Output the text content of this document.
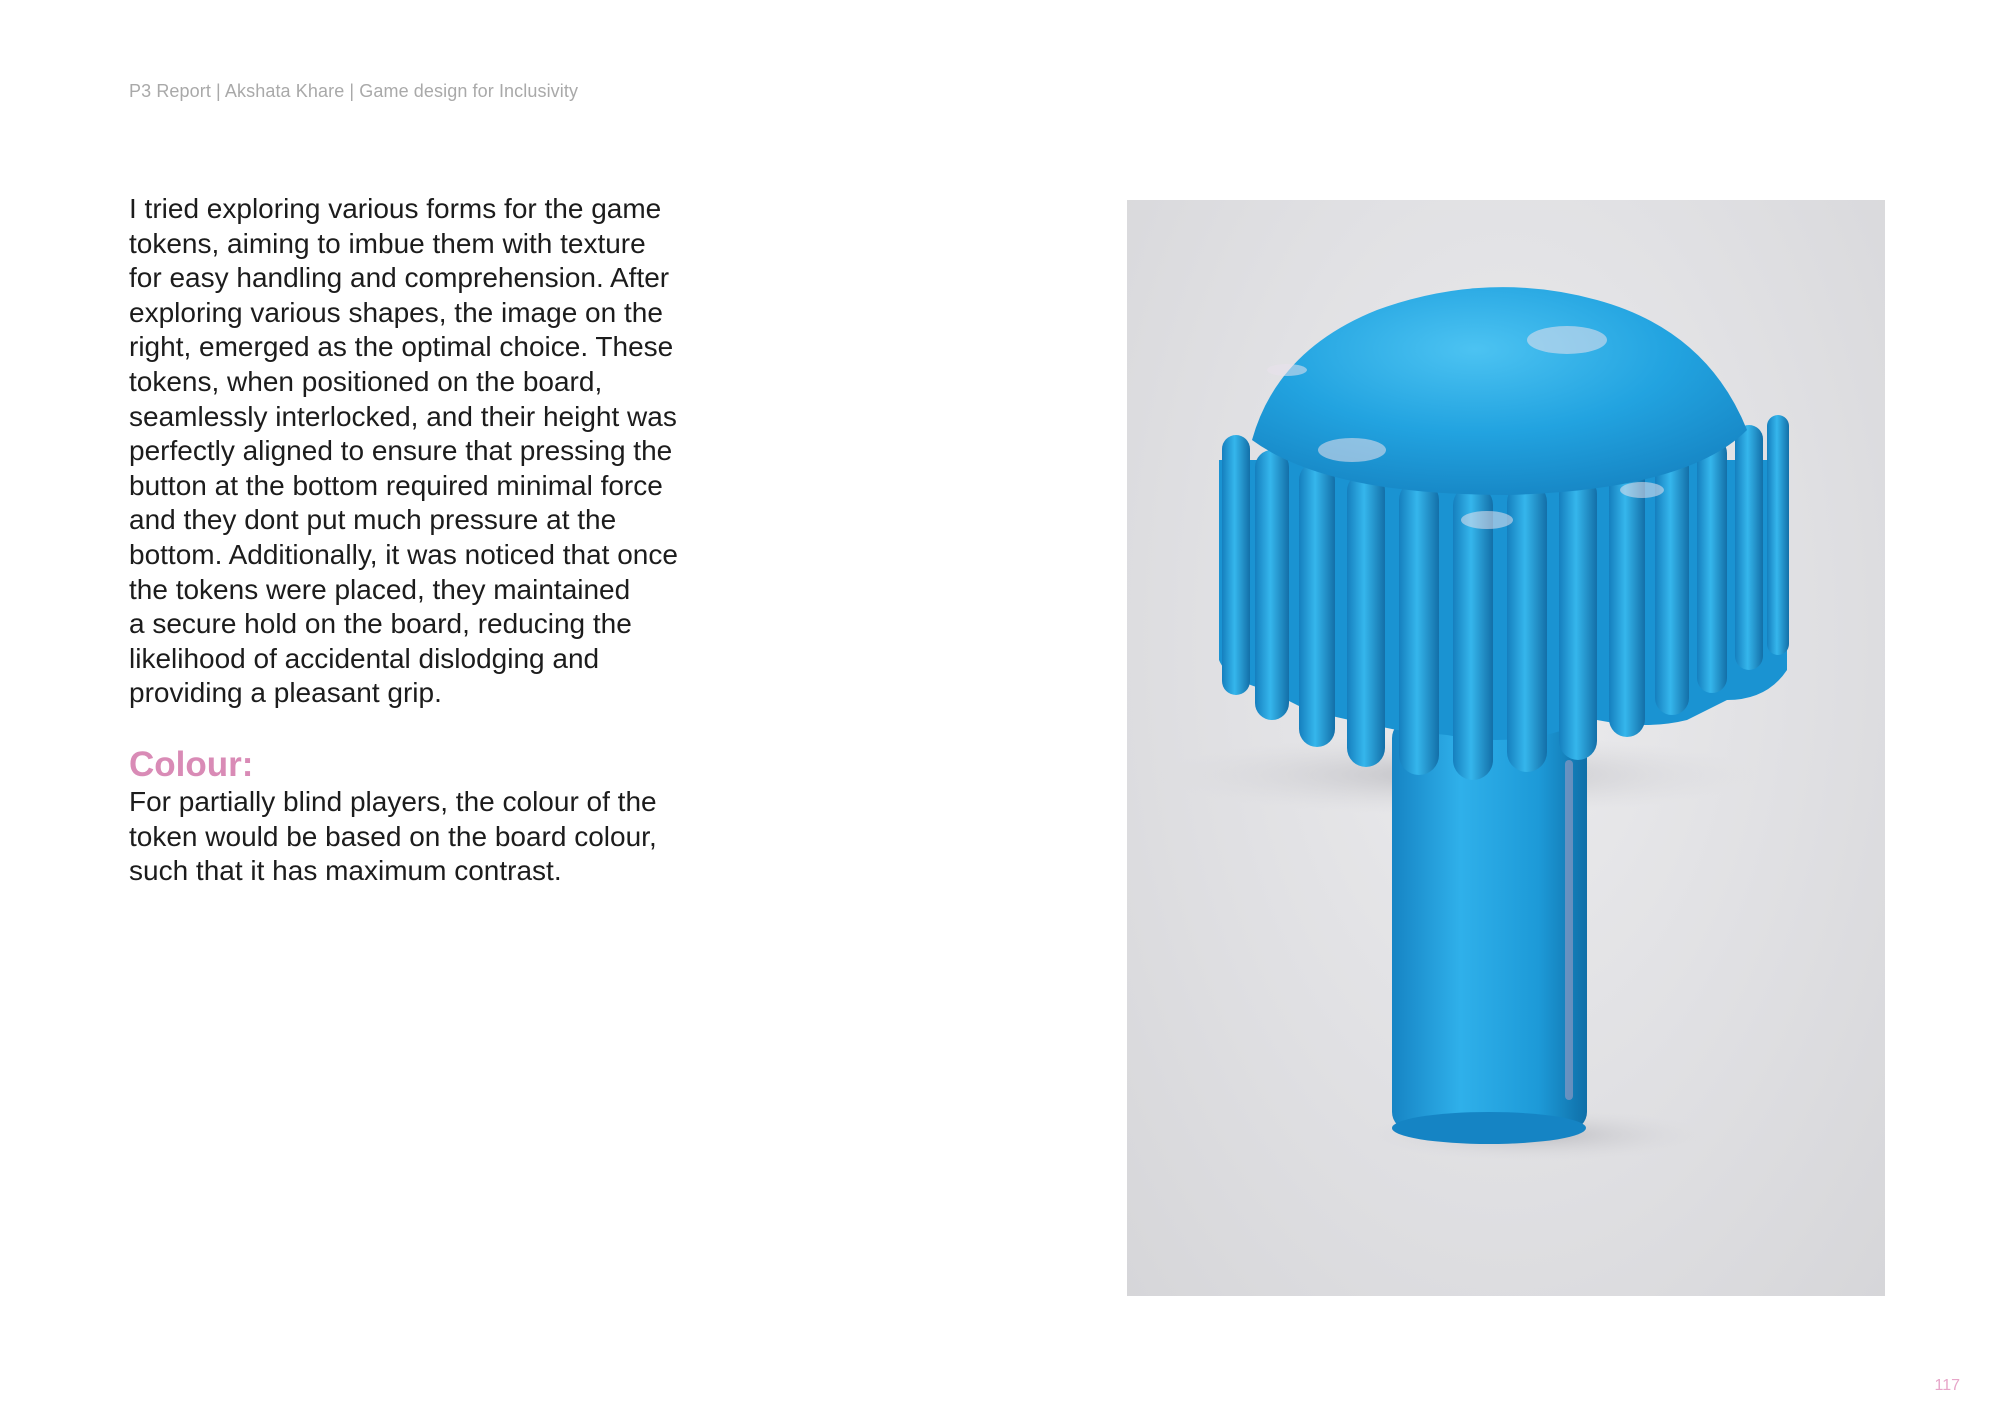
P3 Report | Akshata Khare | Game design for Inclusivity

I tried exploring various forms for the game
tokens, aiming to imbue them with texture
for easy handling and comprehension. After
exploring various shapes, the image on the
right, emerged as the optimal choice. These
tokens, when positioned on the board,
seamlessly interlocked, and their height was
perfectly aligned to ensure that pressing the
button at the bottom required minimal force
and they dont put much pressure at the
bottom. Additionally, it was noticed that once
the tokens were placed, they maintained
a secure hold on the board, reducing the
likelihood of accidental dislodging and
providing a pleasant grip.

Colour:

For partially blind players, the colour of the
token would be based on the board colour,
such that it has maximum contrast.

117
